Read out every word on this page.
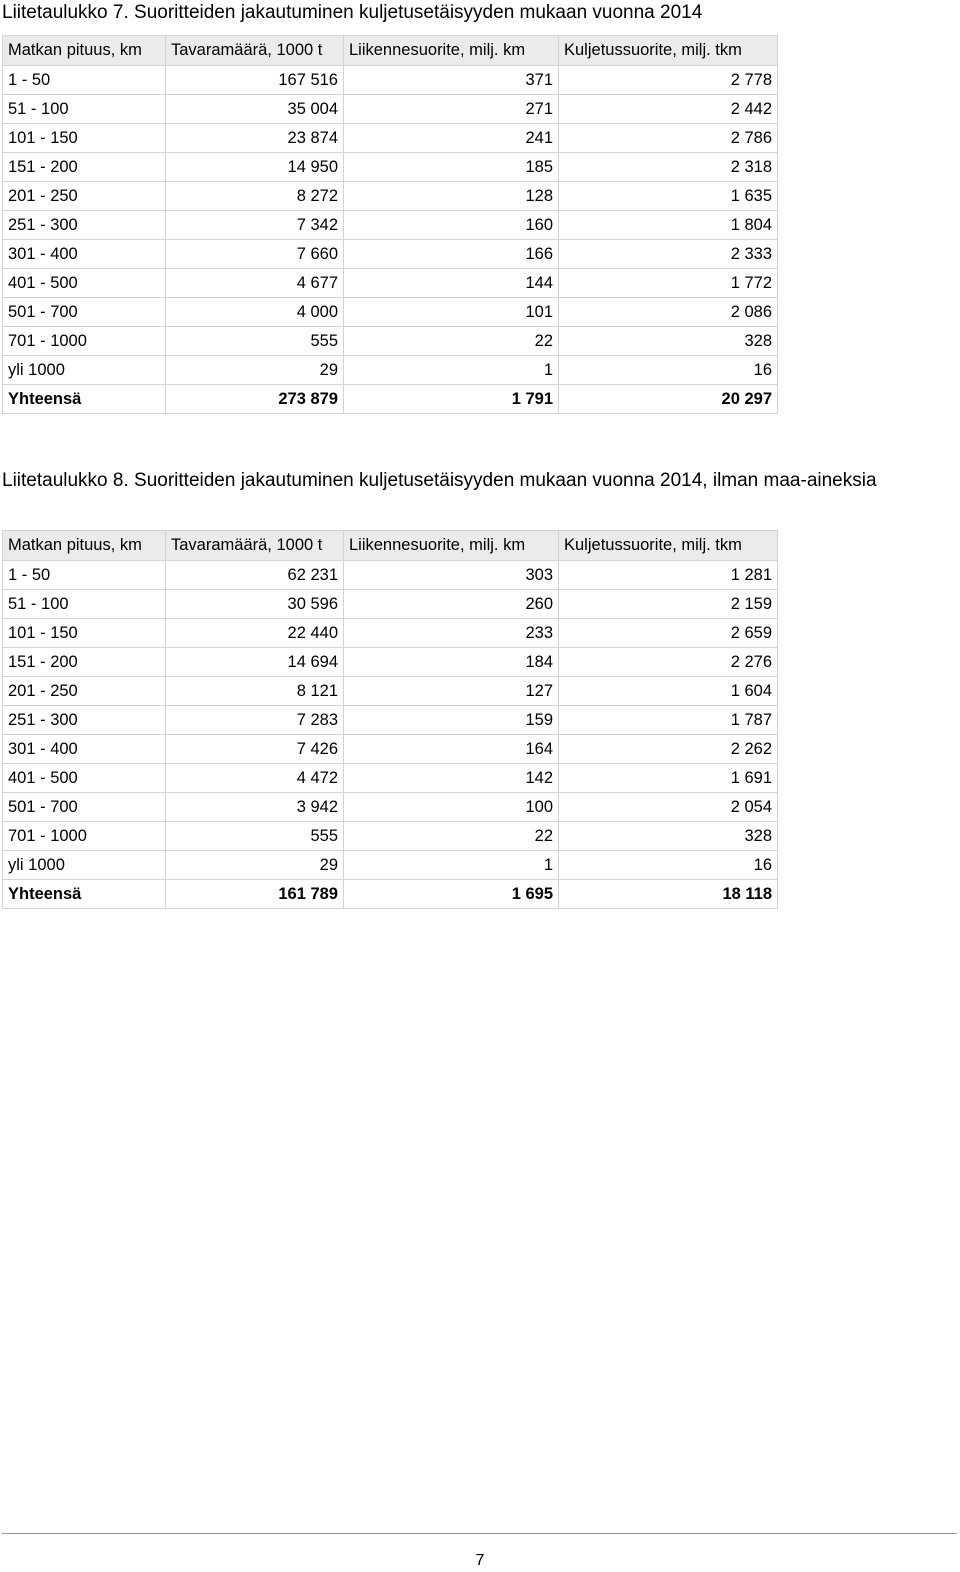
Liitetaulukko 7. Suoritteiden jakautuminen kuljetusetäisyyden mukaan vuonna 2014
Matkan pituus, km	Tavaramäärä, 1000 t	Liikennesuorite, milj. km	Kuljetussuorite, milj. tkm
1 - 50	167 516	371	2 778
51 - 100	35 004	271	2 442
101 - 150	23 874	241	2 786
151 - 200	14 950	185	2 318
201 - 250	8 272	128	1 635
251 - 300	7 342	160	1 804
301 - 400	7 660	166	2 333
401 - 500	4 677	144	1 772
501 - 700	4 000	101	2 086
701 - 1000	555	22	328
yli 1000	29	1	16
Yhteensä	273 879	1 791	20 297
Liitetaulukko 8. Suoritteiden jakautuminen kuljetusetäisyyden mukaan vuonna 2014, ilman maa-aineksia
Matkan pituus, km	Tavaramäärä, 1000 t	Liikennesuorite, milj. km	Kuljetussuorite, milj. tkm
1 - 50	62 231	303	1 281
51 - 100	30 596	260	2 159
101 - 150	22 440	233	2 659
151 - 200	14 694	184	2 276
201 - 250	8 121	127	1 604
251 - 300	7 283	159	1 787
301 - 400	7 426	164	2 262
401 - 500	4 472	142	1 691
501 - 700	3 942	100	2 054
701 - 1000	555	22	328
yli 1000	29	1	16
Yhteensä	161 789	1 695	18 118
7
